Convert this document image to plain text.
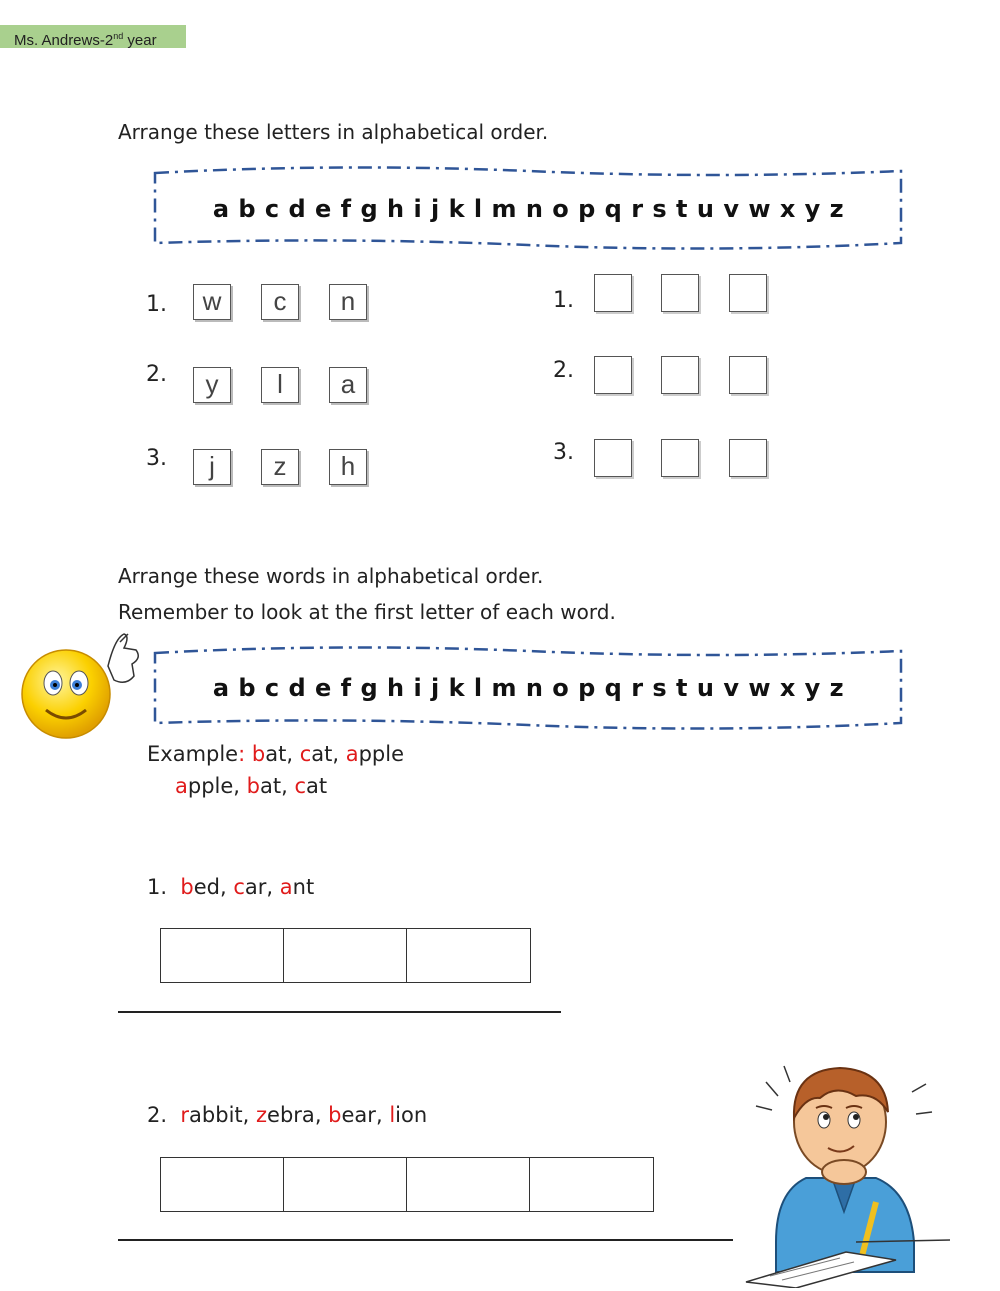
Ms. Andrews-2nd year
Arrange these letters in alphabetical order.
a b c d e f g h i j k l m n o p q r s t u v w x y z
1.	w	c	n
2.	y	l	a
3.	j	z	h
1.
2.
3.
Arrange these words in alphabetical order.
Remember to look at the first letter of each word.
a b c d e f g h i j k l m n o p q r s t u v w x y z
Example: bat, cat, apple
apple, bat, cat
1. bed, car, ant
2. rabbit, zebra, bear, lion
